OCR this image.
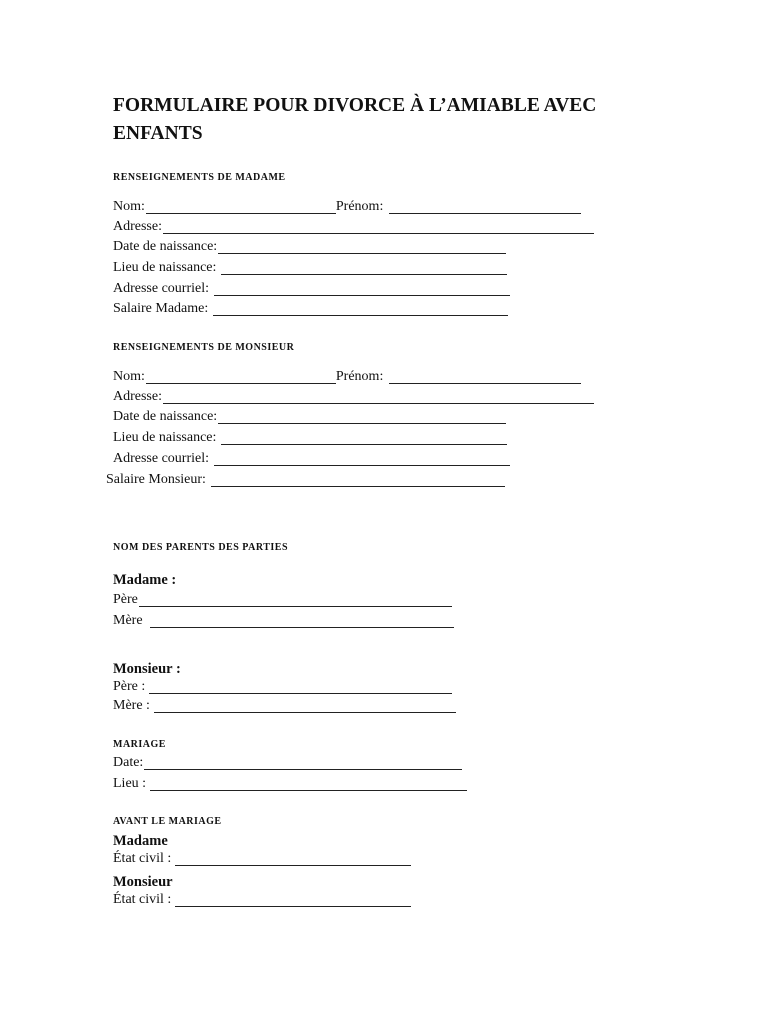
FORMULAIRE POUR DIVORCE À L’AMIABLE AVEC
ENFANTS
RENSEIGNEMENTS DE MADAME
Nom:	Prénom:
Adresse:
Date de naissance:
Lieu de naissance:
Adresse courriel:
Salaire Madame:
RENSEIGNEMENTS DE MONSIEUR
Nom:	Prénom:
Adresse:
Date de naissance:
Lieu de naissance:
Adresse courriel:
Salaire Monsieur:
NOM DES PARENTS DES PARTIES
Madame :
Père
Mère
Monsieur :
Père :
Mère :
MARIAGE
Date:
Lieu :
AVANT LE MARIAGE
Madame
État civil :
Monsieur
État civil :
